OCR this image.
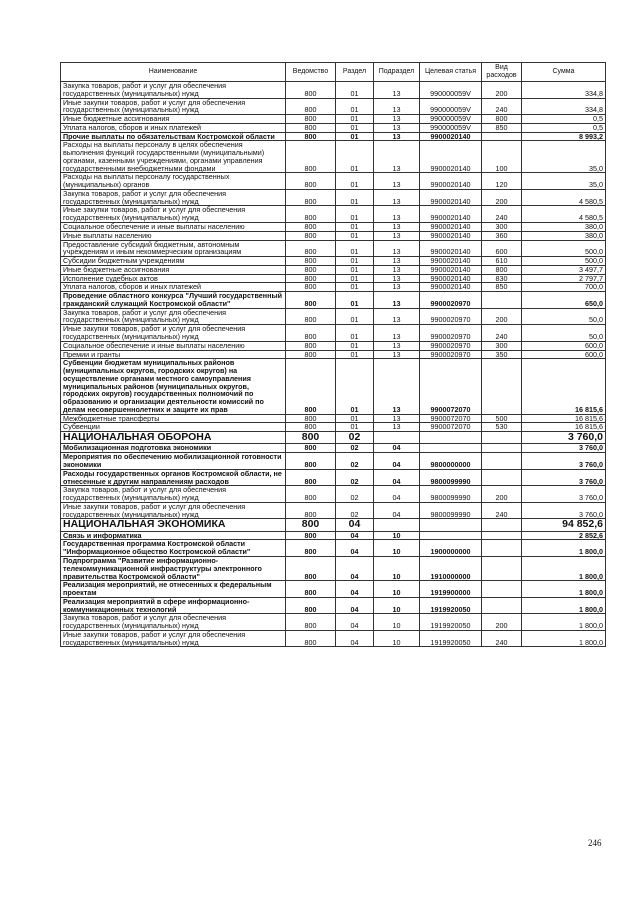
Наименование	Ведомство	Раздел	Подраздел	Целевая статья	Вид расходов	Сумма
Закупка товаров, работ и услуг для обеспечения государственных (муниципальных) нужд	800	01	13	990000059V	200	334,8
Иные закупки товаров, работ и услуг для обеспечения государственных (муниципальных) нужд	800	01	13	990000059V	240	334,8
Иные бюджетные ассигнования	800	01	13	990000059V	800	0,5
Уплата налогов, сборов и иных платежей	800	01	13	990000059V	850	0,5
Прочие выплаты по обязательствам Костромской области	800	01	13	9900020140		8 993,2
Расходы на выплаты персоналу в целях обеспечения выполнения функций государственными (муниципальными) органами, казенными учреждениями, органами управления государственными внебюджетными фондами	800	01	13	9900020140	100	35,0
Расходы на выплаты персоналу государственных (муниципальных) органов	800	01	13	9900020140	120	35,0
Закупка товаров, работ и услуг для обеспечения государственных (муниципальных) нужд	800	01	13	9900020140	200	4 580,5
Иные закупки товаров, работ и услуг для обеспечения государственных (муниципальных) нужд	800	01	13	9900020140	240	4 580,5
Социальное обеспечение и иные выплаты населению	800	01	13	9900020140	300	380,0
Иные выплаты населению	800	01	13	9900020140	360	380,0
Предоставление субсидий бюджетным, автономным учреждениям и иным некоммерческим организациям	800	01	13	9900020140	600	500,0
Субсидии бюджетным учреждениям	800	01	13	9900020140	610	500,0
Иные бюджетные ассигнования	800	01	13	9900020140	800	3 497,7
Исполнение судебных актов	800	01	13	9900020140	830	2 797,7
Уплата налогов, сборов и иных платежей	800	01	13	9900020140	850	700,0
Проведение областного конкурса "Лучший государственный гражданский служащий Костромской области"	800	01	13	9900020970		650,0
Закупка товаров, работ и услуг для обеспечения государственных (муниципальных) нужд	800	01	13	9900020970	200	50,0
Иные закупки товаров, работ и услуг для обеспечения государственных (муниципальных) нужд	800	01	13	9900020970	240	50,0
Социальное обеспечение и иные выплаты населению	800	01	13	9900020970	300	600,0
Премии и гранты	800	01	13	9900020970	350	600,0
Субвенции бюджетам муниципальных районов (муниципальных округов, городских округов) на осуществление органами местного самоуправления муниципальных районов (муниципальных округов, городских округов) государственных полномочий по образованию и организации деятельности комиссий по делам несовершеннолетних и защите их прав	800	01	13	9900072070		16 815,6
Межбюджетные трансферты	800	01	13	9900072070	500	16 815,6
Субвенции	800	01	13	9900072070	530	16 815,6
НАЦИОНАЛЬНАЯ ОБОРОНА	800	02				3 760,0
Мобилизационная подготовка экономики	800	02	04			3 760,0
Мероприятия по обеспечению мобилизационной готовности экономики	800	02	04	9800000000		3 760,0
Расходы государственных органов Костромской области, не отнесенные к другим направлениям расходов	800	02	04	9800099990		3 760,0
Закупка товаров, работ и услуг для обеспечения государственных (муниципальных) нужд	800	02	04	9800099990	200	3 760,0
Иные закупки товаров, работ и услуг для обеспечения государственных (муниципальных) нужд	800	02	04	9800099990	240	3 760,0
НАЦИОНАЛЬНАЯ ЭКОНОМИКА	800	04				94 852,6
Связь и информатика	800	04	10			2 852,6
Государственная программа Костромской области "Информационное общество Костромской области"	800	04	10	1900000000		1 800,0
Подпрограмма "Развитие информационно-телекоммуникационной инфраструктуры электронного правительства Костромской области"	800	04	10	1910000000		1 800,0
Реализация мероприятий, не отнесенных к федеральным проектам	800	04	10	1919900000		1 800,0
Реализация мероприятий в сфере информационно-коммуникационных технологий	800	04	10	1919920050		1 800,0
Закупка товаров, работ и услуг для обеспечения государственных (муниципальных) нужд	800	04	10	1919920050	200	1 800,0
Иные закупки товаров, работ и услуг для обеспечения государственных (муниципальных) нужд	800	04	10	1919920050	240	1 800,0
246
